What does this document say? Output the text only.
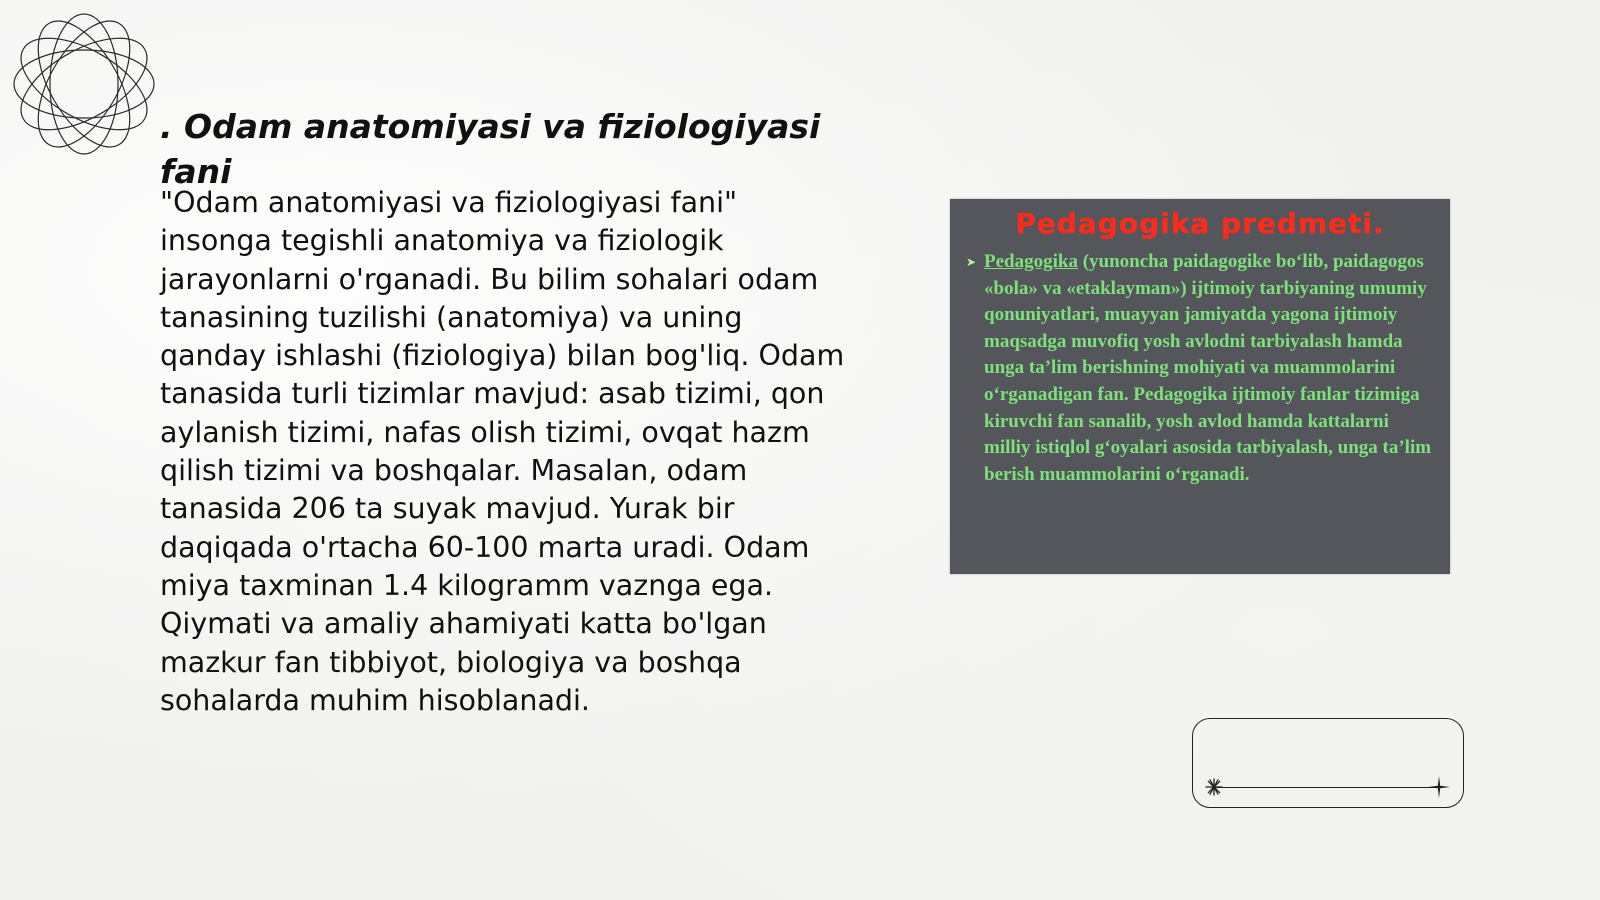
. Odam anatomiyasi va fiziologiyasi fani

"Odam anatomiyasi va fiziologiyasi fani" insonga tegishli anatomiya va fiziologik jarayonlarni o'rganadi. Bu bilim sohalari odam tanasining tuzilishi (anatomiya) va uning qanday ishlashi (fiziologiya) bilan bog'liq. Odam tanasida turli tizimlar mavjud: asab tizimi, qon aylanish tizimi, nafas olish tizimi, ovqat hazm qilish tizimi va boshqalar. Masalan, odam tanasida 206 ta suyak mavjud. Yurak bir daqiqada o'rtacha 60-100 marta uradi. Odam miya taxminan 1.4 kilogramm vaznga ega. Qiymati va amaliy ahamiyati katta bo'lgan mazkur fan tibbiyot, biologiya va boshqa sohalarda muhim hisoblanadi.

Pedagogika predmeti.
➤ Pedagogika (yunoncha paidagogike bo‘lib, paidagogos «bola» va «etaklayman») ijtimoiy tarbiyaning umumiy qonuniyatlari, muayyan jamiyatda yagona ijtimoiy maqsadga muvofiq yosh avlodni tarbiyalash hamda unga ta’lim berishning mohiyati va muammolarini o‘rganadigan fan. Pedagogika ijtimoiy fanlar tizimiga kiruvchi fan sanalib, yosh avlod hamda kattalarni milliy istiqlol g‘oyalari asosida tarbiyalash, unga ta’lim berish muammolarini o‘rganadi.
